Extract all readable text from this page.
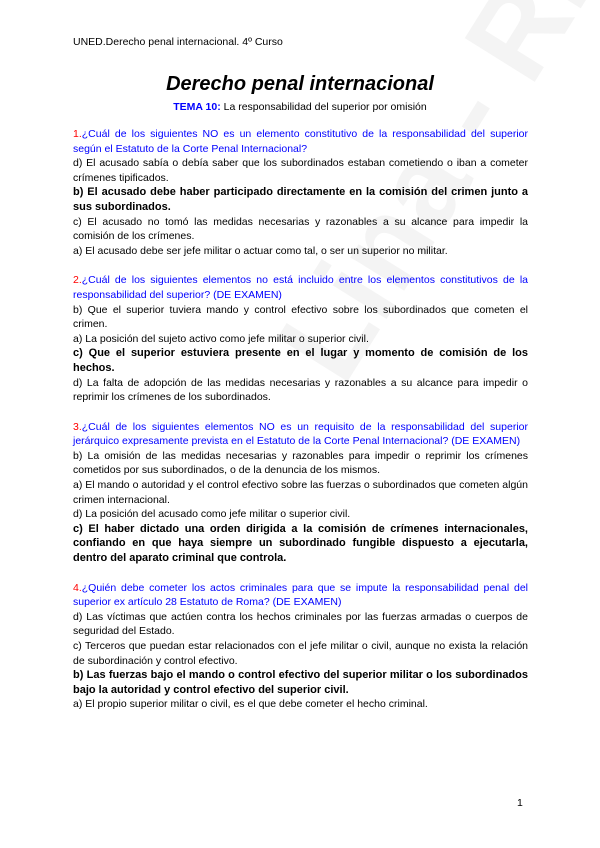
UNED.Derecho penal internacional. 4º Curso
Derecho penal internacional
TEMA 10: La responsabilidad del superior por omisión

1.¿Cuál de los siguientes NO es un elemento constitutivo de la responsabilidad del superior según el Estatuto de la Corte Penal Internacional?

d) El acusado sabía o debía saber que los subordinados estaban cometiendo o iban a cometer crímenes tipificados.

b) El acusado debe haber participado directamente en la comisión del crimen junto a sus subordinados.

c) El acusado no tomó las medidas necesarias y razonables a su alcance para impedir la comisión de los crímenes.

a) El acusado debe ser jefe militar o actuar como tal, o ser un superior no militar.

2.¿Cuál de los siguientes elementos no está incluido entre los elementos constitutivos de la responsabilidad del superior? (DE EXAMEN)

b) Que el superior tuviera mando y control efectivo sobre los subordinados que cometen el crimen.

a) La posición del sujeto activo como jefe militar o superior civil.

c) Que el superior estuviera presente en el lugar y momento de comisión de los hechos.

d) La falta de adopción de las medidas necesarias y razonables a su alcance para impedir o reprimir los crímenes de los subordinados.

3.¿Cuál de los siguientes elementos NO es un requisito de la responsabilidad del superior jerárquico expresamente prevista en el Estatuto de la Corte Penal Internacional? (DE EXAMEN)

b) La omisión de las medidas necesarias y razonables para impedir o reprimir los crímenes cometidos por sus subordinados, o de la denuncia de los mismos.

a) El mando o autoridad y el control efectivo sobre las fuerzas o subordinados que cometen algún crimen internacional.

d) La posición del acusado como jefe militar o superior civil.

c) El haber dictado una orden dirigida a la comisión de crímenes internacionales, confiando en que haya siempre un subordinado fungible dispuesto a ejecutarla, dentro del aparato criminal que controla.

4.¿Quién debe cometer los actos criminales para que se impute la responsabilidad penal del superior ex artículo 28 Estatuto de Roma? (DE EXAMEN)

d) Las víctimas que actúen contra los hechos criminales por las fuerzas armadas o cuerpos de seguridad del Estado.

c) Terceros que puedan estar relacionados con el jefe militar o civil, aunque no exista la relación de subordinación y control efectivo.

b) Las fuerzas bajo el mando o control efectivo del superior militar o los subordinados bajo la autoridad y control efectivo del superior civil.

a) El propio superior militar o civil, es el que debe cometer el hecho criminal.

1
